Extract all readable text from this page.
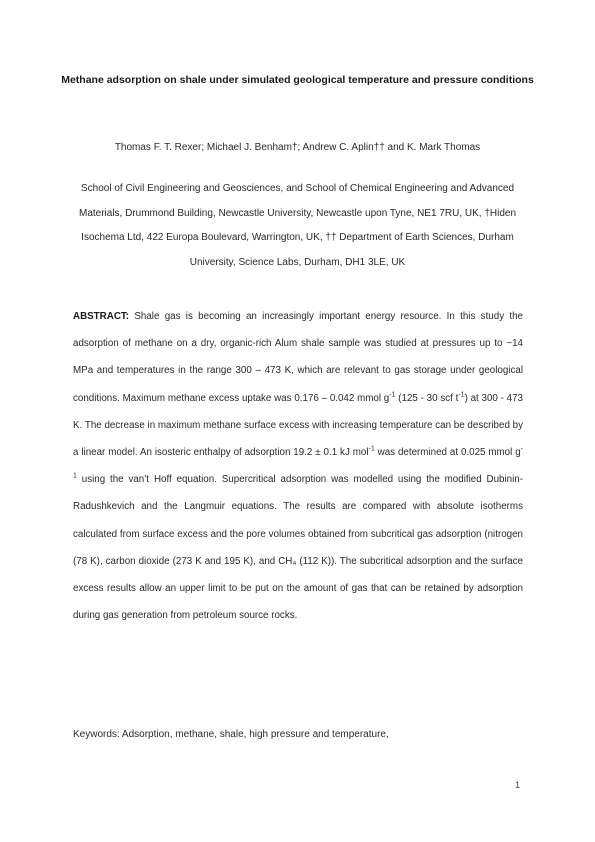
Methane adsorption on shale under simulated geological temperature and pressure conditions
Thomas F. T. Rexer; Michael J. Benham†; Andrew C. Aplin†† and K. Mark Thomas
School of Civil Engineering and Geosciences, and School of Chemical Engineering and Advanced Materials, Drummond Building, Newcastle University, Newcastle upon Tyne, NE1 7RU, UK, †Hiden Isochema Ltd, 422 Europa Boulevard, Warrington, UK, †† Department of Earth Sciences, Durham University, Science Labs, Durham, DH1 3LE, UK
ABSTRACT: Shale gas is becoming an increasingly important energy resource. In this study the adsorption of methane on a dry, organic-rich Alum shale sample was studied at pressures up to ~14 MPa and temperatures in the range 300 – 473 K, which are relevant to gas storage under geological conditions. Maximum methane excess uptake was 0.176 – 0.042 mmol $g^{-1}$ (125 - 30 scf $t^{-1}$) at 300 - 473 K. The decrease in maximum methane surface excess with increasing temperature can be described by a linear model. An isosteric enthalpy of adsorption 19.2 ± 0.1 kJ mol$^{-1}$ was determined at 0.025 mmol $g^{-1}$ using the van’t Hoff equation. Supercritical adsorption was modelled using the modified Dubinin-Radushkevich and the Langmuir equations. The results are compared with absolute isotherms calculated from surface excess and the pore volumes obtained from subcritical gas adsorption (nitrogen (78 K), carbon dioxide (273 K and 195 K), and CH₄ (112 K)). The subcritical adsorption and the surface excess results allow an upper limit to be put on the amount of gas that can be retained by adsorption during gas generation from petroleum source rocks.
Keywords: Adsorption, methane, shale, high pressure and temperature,
1
